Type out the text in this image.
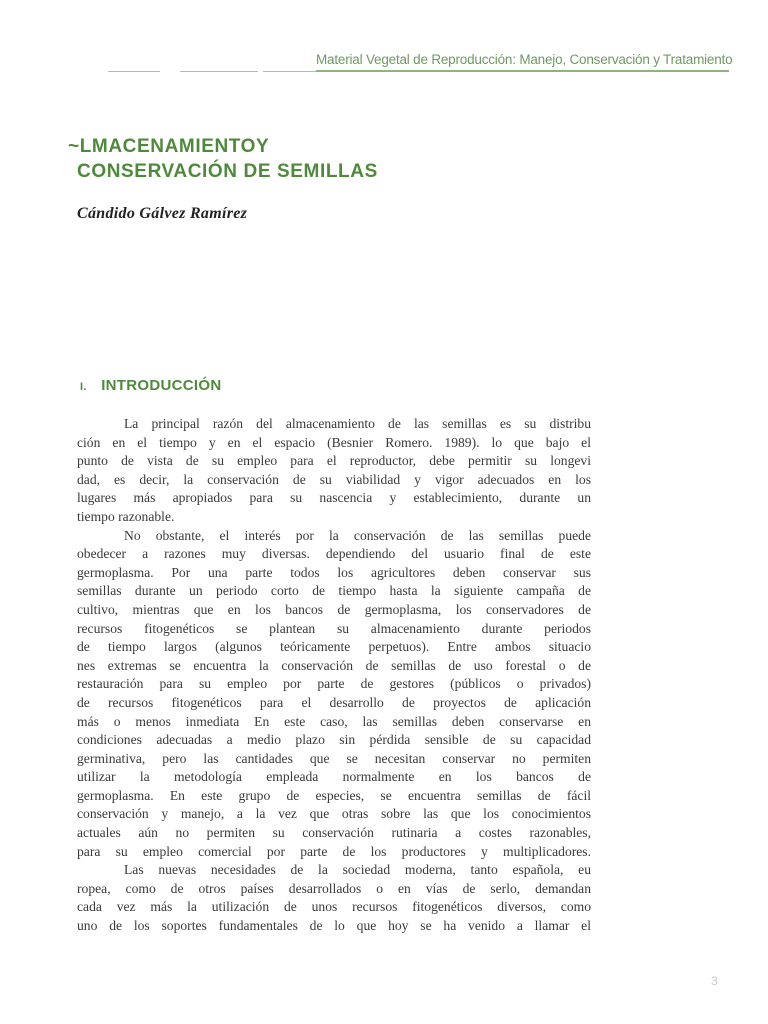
Material Vegetal de Reproducción: Manejo, Conservación y Tratamiento
~LMACENAMIENTOY
CONSERVACIÓN DE SEMILLAS
Cándido Gálvez Ramírez
I. INTRODUCCIÓN
La principal razón del almacenamiento de las semillas es su distribu
ción en el tiempo y en el espacio (Besnier Romero. 1989). lo que bajo el
punto de vista de su empleo para el reproductor, debe permitir su longevi
dad, es decir, la conservación de su viabilidad y vigor adecuados en los
lugares más apropiados para su nascencia y establecimiento, durante un
tiempo razonable.
No obstante, el interés por la conservación de las semillas puede
obedecer a razones muy diversas. dependiendo del usuario final de este
germoplasma. Por una parte todos los agricultores deben conservar sus
semillas durante un periodo corto de tiempo hasta la siguiente campaña de
cultivo, mientras que en los bancos de germoplasma, los conservadores de
recursos fitogenéticos se plantean su almacenamiento durante periodos
de tiempo largos (algunos teóricamente perpetuos). Entre ambos situacio
nes extremas se encuentra la conservación de semillas de uso forestal o de
restauración para su empleo por parte de gestores (públicos o privados)
de recursos fitogenéticos para el desarrollo de proyectos de aplicación
más o menos inmediata En este caso, las semillas deben conservarse en
condiciones adecuadas a medio plazo sin pérdida sensible de su capacidad
germinativa, pero las cantidades que se necesitan conservar no permiten
utilizar la metodología empleada normalmente en los bancos de
germoplasma. En este grupo de especies, se encuentra semillas de fácil
conservación y manejo, a la vez que otras sobre las que los conocimientos
actuales aún no permiten su conservación rutinaria a costes razonables,
para su empleo comercial por parte de los productores y multiplicadores.
Las nuevas necesidades de la sociedad moderna, tanto española, eu
ropea, como de otros países desarrollados o en vías de serlo, demandan
cada vez más la utilización de unos recursos fitogenéticos diversos, como
uno de los soportes fundamentales de lo que hoy se ha venido a llamar el
3
